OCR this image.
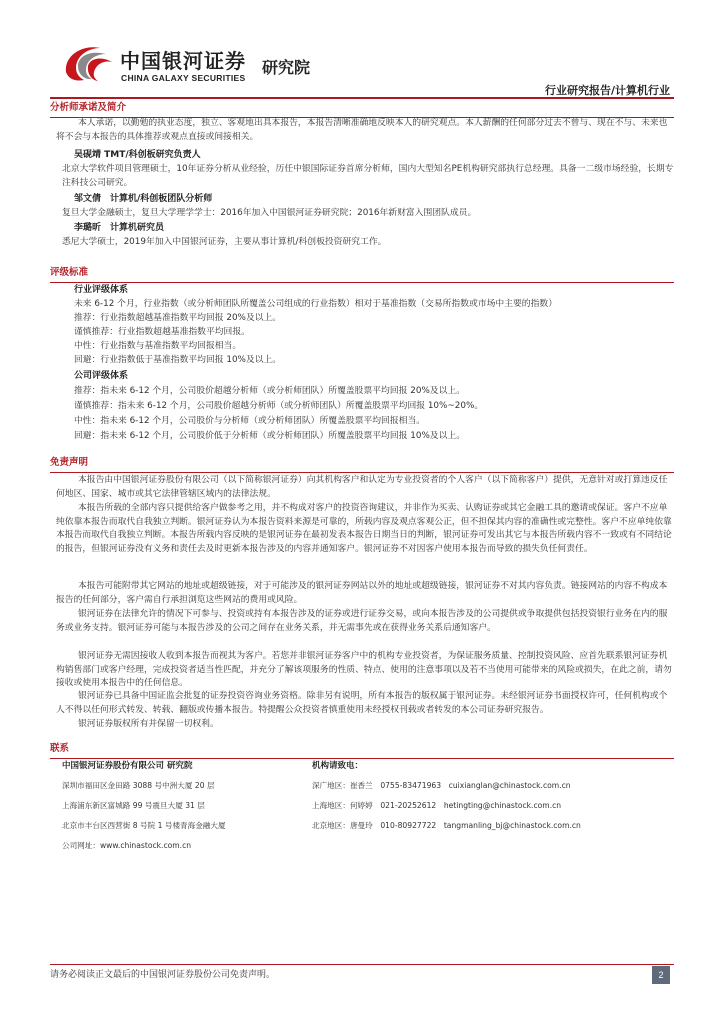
中国银河证券
CHINA GALAXY SECURITIES
研究院
行业研究报告/计算机行业
分析师承诺及简介
本人承诺，以勤勉的执业态度，独立、客观地出具本报告，本报告清晰准确地反映本人的研究观点。本人薪酬的任何部分过去不曾与、现在不与、未来也将不会与本报告的具体推荐或观点直接或间接相关。
吴砚靖 TMT/科创板研究负责人
北京大学软件项目管理硕士，10年证券分析从业经验，历任中银国际证券首席分析师，国内大型知名PE机构研究部执行总经理。具备一二级市场经验，长期专注科技公司研究。
邹文倩　计算机/科创板团队分析师
复旦大学金融硕士，复旦大学理学学士：2016年加入中国银河证券研究院；2016年新财富入围团队成员。
李璐昕　计算机研究员
悉尼大学硕士，2019年加入中国银河证券，主要从事计算机/科创板投资研究工作。
评级标准
行业评级体系
未来 6-12 个月，行业指数（或分析师团队所覆盖公司组成的行业指数）相对于基准指数（交易所指数或市场中主要的指数）
推荐：行业指数超越基准指数平均回报 20%及以上。
谨慎推荐：行业指数超越基准指数平均回报。
中性：行业指数与基准指数平均回报相当。
回避：行业指数低于基准指数平均回报 10%及以上。
公司评级体系
推荐：指未来 6-12 个月，公司股价超越分析师（或分析师团队）所覆盖股票平均回报 20%及以上。
谨慎推荐：指未来 6-12 个月，公司股价超越分析师（或分析师团队）所覆盖股票平均回报 10%~20%。
中性：指未来 6-12 个月，公司股价与分析师（或分析师团队）所覆盖股票平均回报相当。
回避：指未来 6-12 个月，公司股价低于分析师（或分析师团队）所覆盖股票平均回报 10%及以上。
免责声明
本报告由中国银河证券股份有限公司（以下简称银河证券）向其机构客户和认定为专业投资者的个人客户（以下简称客户）提供，无意针对或打算违反任何地区、国家、城市或其它法律管辖区域内的法律法规。
本报告所载的全部内容只提供给客户做参考之用，并不构成对客户的投资咨询建议，并非作为买卖、认购证券或其它金融工具的邀请或保证。客户不应单纯依靠本报告而取代自我独立判断。银河证券认为本报告资料来源是可靠的，所载内容及观点客观公正，但不担保其内容的准确性或完整性。客户不应单纯依靠本报告而取代自我独立判断。本报告所载内容反映的是银河证券在最初发表本报告日期当日的判断，银河证券可发出其它与本报告所载内容不一致或有不同结论的报告，但银河证券没有义务和责任去及时更新本报告涉及的内容并通知客户。银河证券不对因客户使用本报告而导致的损失负任何责任。
本报告可能附带其它网站的地址或超级链接，对于可能涉及的银河证券网站以外的地址或超级链接，银河证券不对其内容负责。链接网站的内容不构成本报告的任何部分，客户需自行承担浏览这些网站的费用或风险。
银河证券在法律允许的情况下可参与、投资或持有本报告涉及的证券或进行证券交易，或向本报告涉及的公司提供或争取提供包括投资银行业务在内的服务或业务支持。银河证券可能与本报告涉及的公司之间存在业务关系，并无需事先或在获得业务关系后通知客户。
银河证券无需因接收人收到本报告而视其为客户。若您并非银河证券客户中的机构专业投资者，为保证服务质量、控制投资风险、应首先联系银河证券机构销售部门或客户经理，完成投资者适当性匹配，并充分了解该项服务的性质、特点、使用的注意事项以及若不当使用可能带来的风险或损失，在此之前，请勿接收或使用本报告中的任何信息。
银河证券已具备中国证监会批复的证券投资咨询业务资格。除非另有说明，所有本报告的版权属于银河证券。未经银河证券书面授权许可，任何机构或个人不得以任何形式转发、转载、翻版或传播本报告。特提醒公众投资者慎重使用未经授权刊载或者转发的本公司证券研究报告。
银河证券版权所有并保留一切权利。
联系
中国银河证券股份有限公司 研究院
深圳市福田区金田路 3088 号中洲大厦 20 层
上海浦东新区富城路 99 号震旦大厦 31 层
北京市丰台区西营街 8 号院 1 号楼青海金融大厦
公司网址：www.chinastock.com.cn
机构请致电：
深广地区：崔香兰　0755-83471963　cuixianglan@chinastock.com.cn
上海地区：何婷婷　021-20252612　hetingting@chinastock.com.cn
北京地区：唐曼玲　010-80927722　tangmanling_bj@chinastock.com.cn
请务必阅读正文最后的中国银河证券股份公司免责声明。	2
